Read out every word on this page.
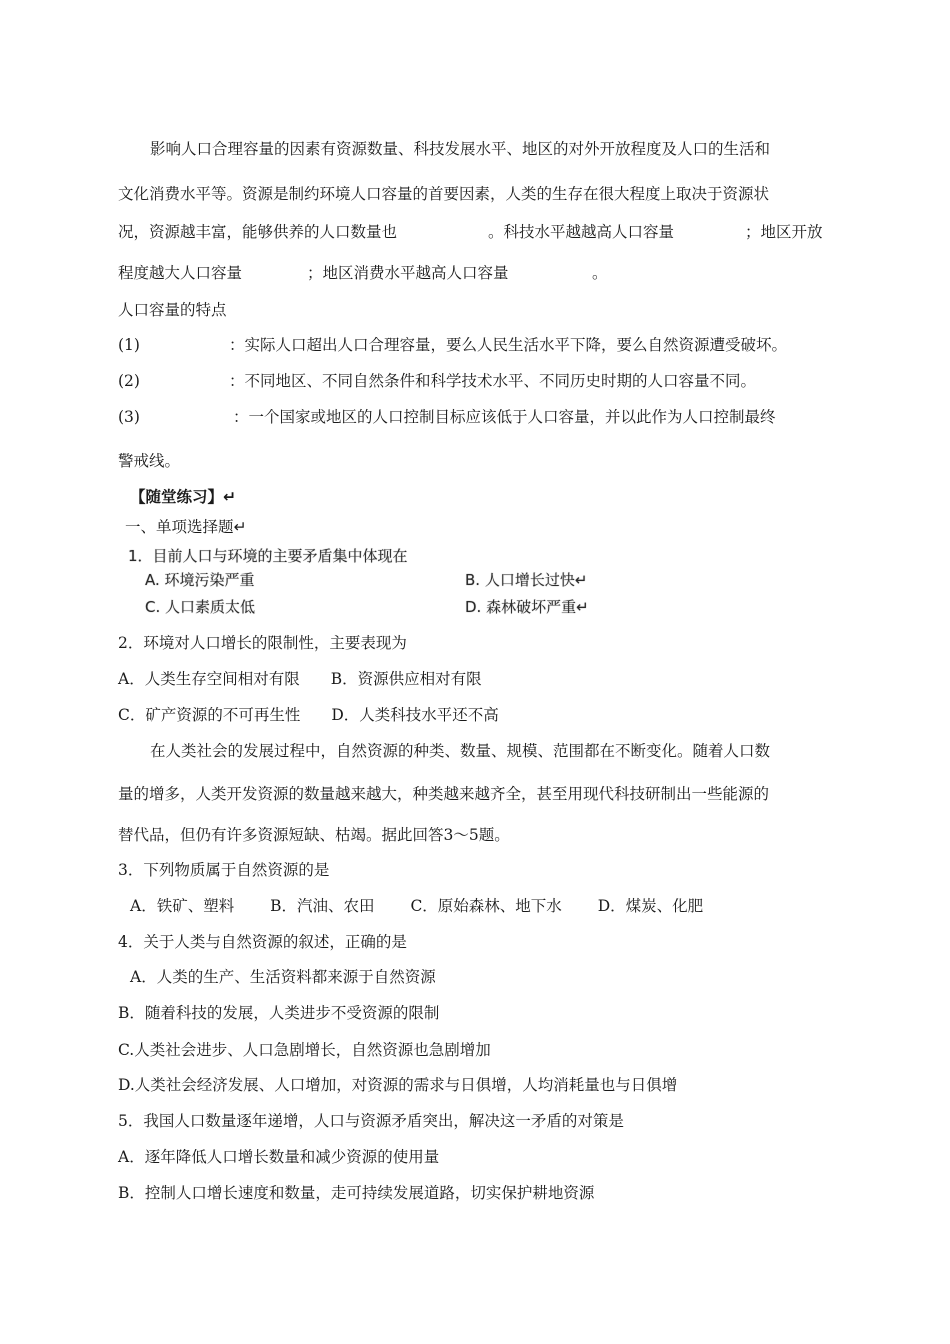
影响人口合理容量的因素有资源数量、科技发展水平、地区的对外开放程度及人口的生活和
文化消费水平等。资源是制约环境人口容量的首要因素，人类的生存在很大程度上取决于资源状
况，资源越丰富，能够供养的人口数量也	。科技水平越越高人口容量	；地区开放
程度越大人口容量	；地区消费水平越高人口容量	。
人口容量的特点
(1)	：实际人口超出人口合理容量，要么人民生活水平下降，要么自然资源遭受破坏。
(2)	：不同地区、不同自然条件和科学技术水平、不同历史时期的人口容量不同。
(3)	：一个国家或地区的人口控制目标应该低于人口容量，并以此作为人口控制最终
警戒线。
【随堂练习】↵
一、单项选择题↵
1．目前人口与环境的主要矛盾集中体现在
A. 环境污染严重	B. 人口增长过快↵
C. 人口素质太低	D. 森林破坏严重↵
2．环境对人口增长的限制性，主要表现为
A．人类生存空间相对有限　　B．资源供应相对有限
C．矿产资源的不可再生性　　D．人类科技水平还不高
在人类社会的发展过程中，自然资源的种类、数量、规模、范围都在不断变化。随着人口数
量的增多，人类开发资源的数量越来越大，种类越来越齐全，甚至用现代科技研制出一些能源的
替代品，但仍有许多资源短缺、枯竭。据此回答3～5题。
3．下列物质属于自然资源的是
A．铁矿、塑料　　 B．汽油、农田　　 C．原始森林、地下水　　 D．煤炭、化肥
4．关于人类与自然资源的叙述，正确的是
A．人类的生产、生活资料都来源于自然资源
B．随着科技的发展，人类进步不受资源的限制
C.人类社会进步、人口急剧增长，自然资源也急剧增加
D.人类社会经济发展、人口增加，对资源的需求与日俱增，人均消耗量也与日俱增
5．我国人口数量逐年递增，人口与资源矛盾突出，解决这一矛盾的对策是
A．逐年降低人口增长数量和减少资源的使用量
B．控制人口增长速度和数量，走可持续发展道路，切实保护耕地资源
